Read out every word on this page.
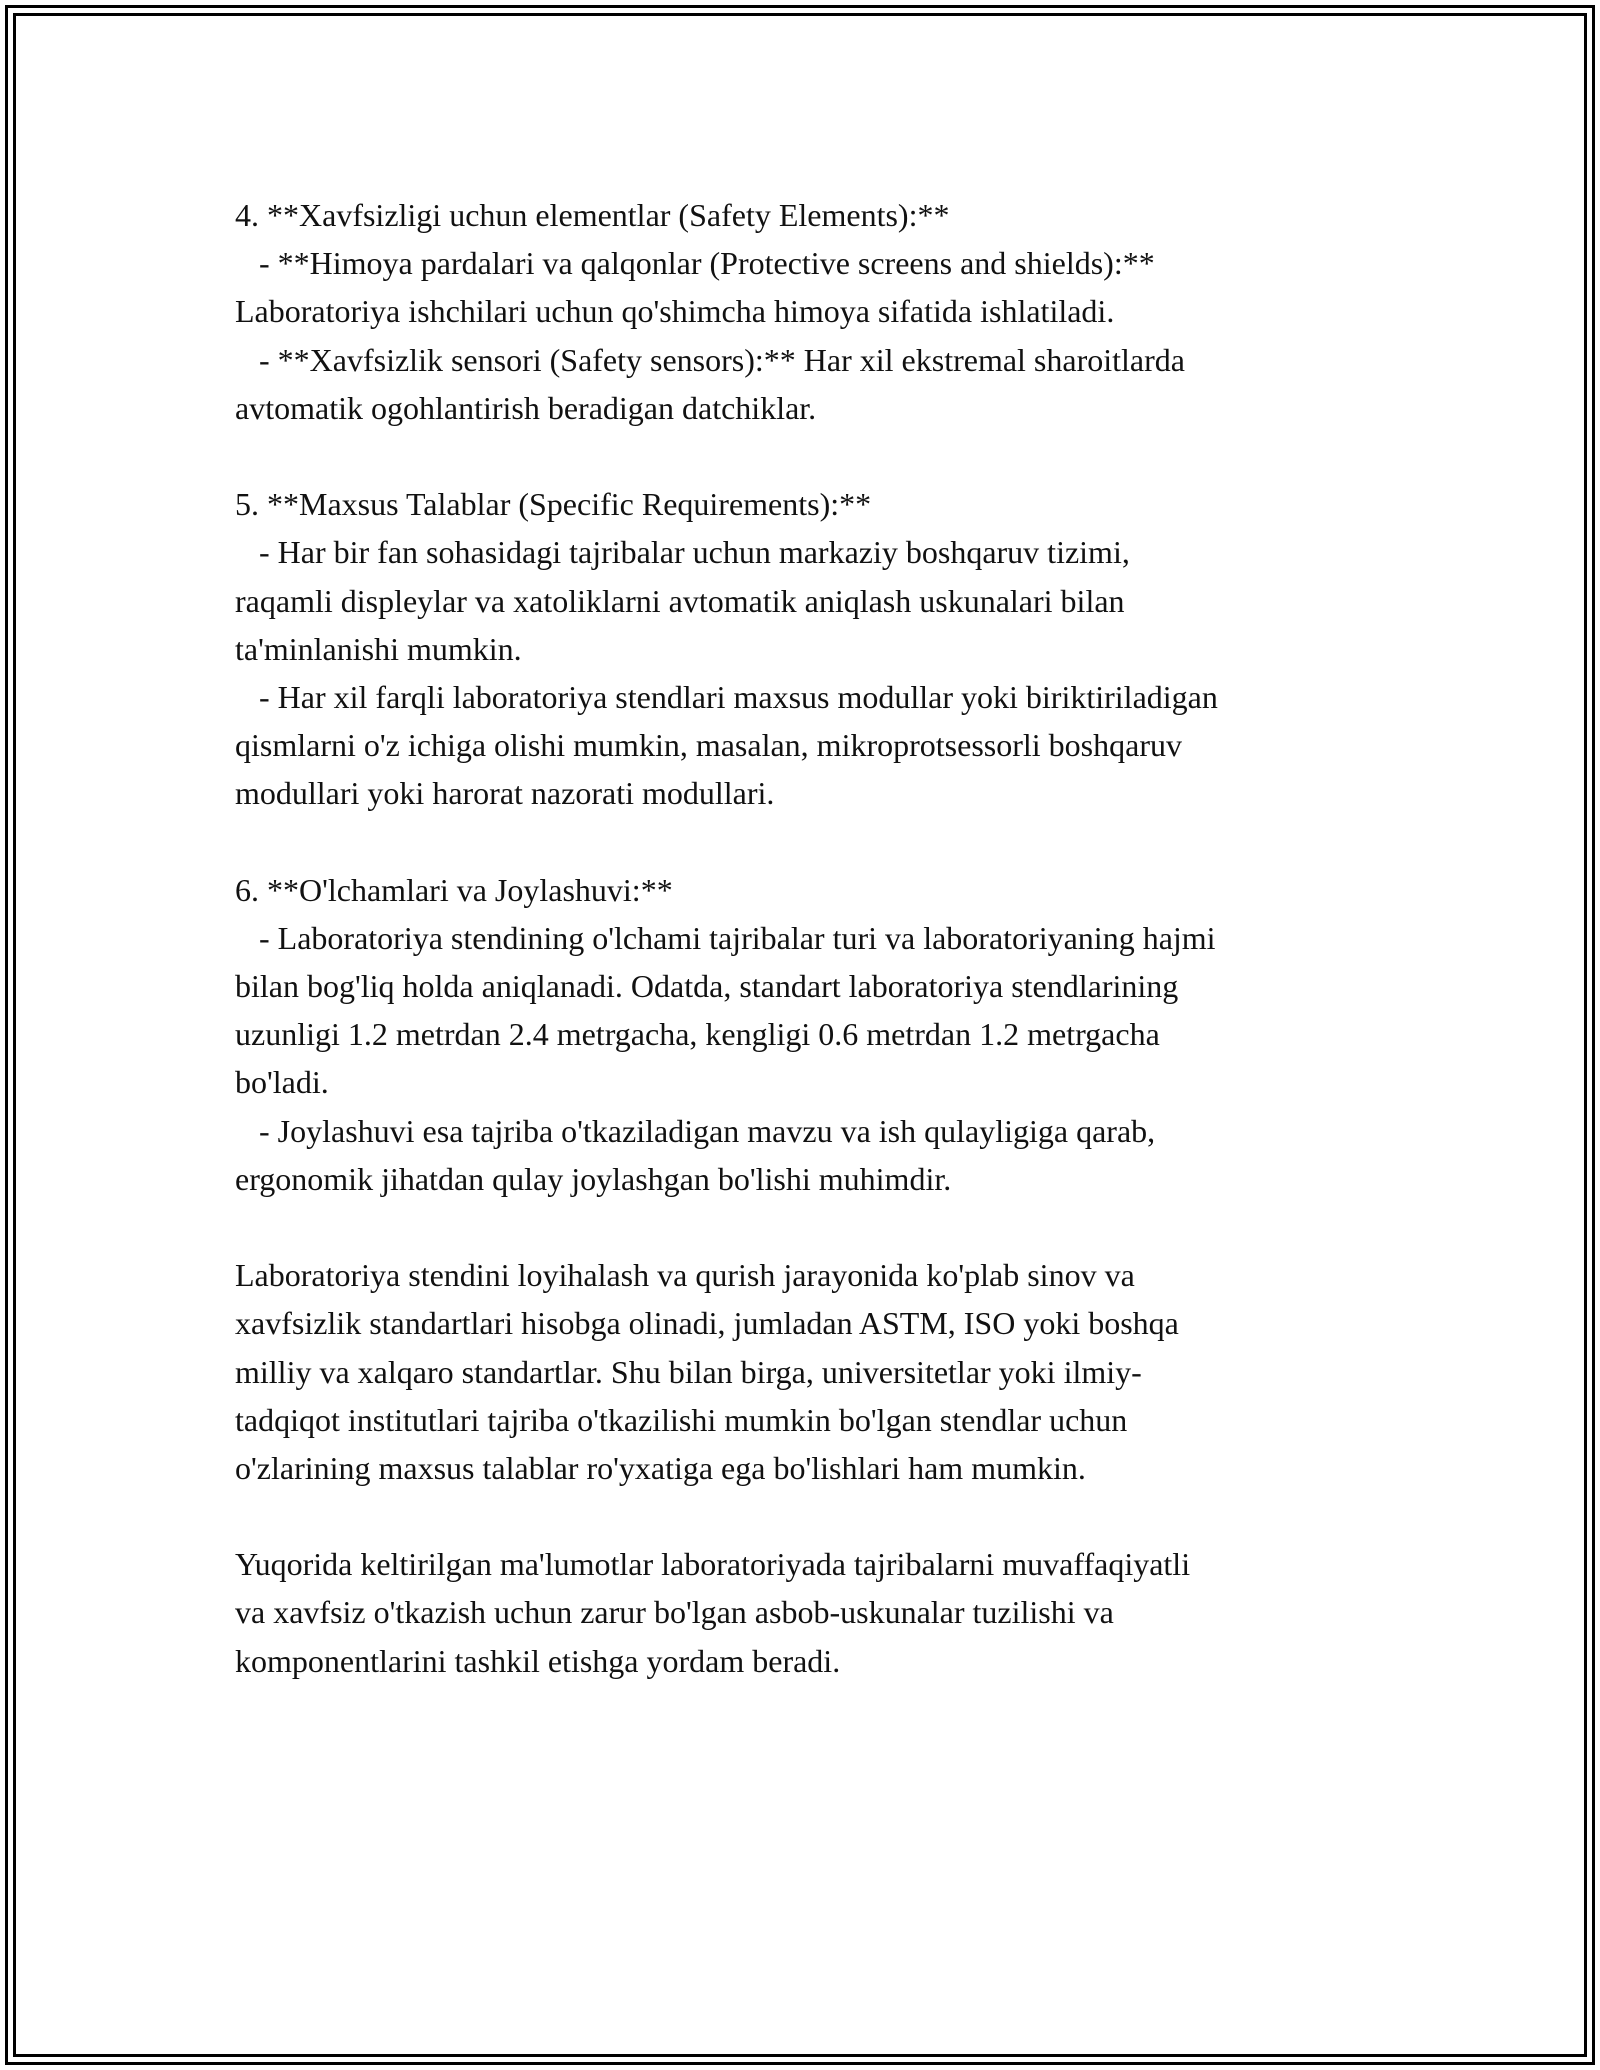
4. **Xavfsizligi uchun elementlar (Safety Elements):**
- **Himoya pardalari va qalqonlar (Protective screens and shields):**
Laboratoriya ishchilari uchun qo'shimcha himoya sifatida ishlatiladi.
- **Xavfsizlik sensori (Safety sensors):** Har xil ekstremal sharoitlarda
avtomatik ogohlantirish beradigan datchiklar.
5. **Maxsus Talablar (Specific Requirements):**
- Har bir fan sohasidagi tajribalar uchun markaziy boshqaruv tizimi,
raqamli displeylar va xatoliklarni avtomatik aniqlash uskunalari bilan
ta'minlanishi mumkin.
- Har xil farqli laboratoriya stendlari maxsus modullar yoki biriktiriladigan
qismlarni o'z ichiga olishi mumkin, masalan, mikroprotsessorli boshqaruv
modullari yoki harorat nazorati modullari.
6. **O'lchamlari va Joylashuvi:**
- Laboratoriya stendining o'lchami tajribalar turi va laboratoriyaning hajmi
bilan bog'liq holda aniqlanadi. Odatda, standart laboratoriya stendlarining
uzunligi 1.2 metrdan 2.4 metrgacha, kengligi 0.6 metrdan 1.2 metrgacha
bo'ladi.
- Joylashuvi esa tajriba o'tkaziladigan mavzu va ish qulayligiga qarab,
ergonomik jihatdan qulay joylashgan bo'lishi muhimdir.
Laboratoriya stendini loyihalash va qurish jarayonida ko'plab sinov va
xavfsizlik standartlari hisobga olinadi, jumladan ASTM, ISO yoki boshqa
milliy va xalqaro standartlar. Shu bilan birga, universitetlar yoki ilmiy-
tadqiqot institutlari tajriba o'tkazilishi mumkin bo'lgan stendlar uchun
o'zlarining maxsus talablar ro'yxatiga ega bo'lishlari ham mumkin.
Yuqorida keltirilgan ma'lumotlar laboratoriyada tajribalarni muvaffaqiyatli
va xavfsiz o'tkazish uchun zarur bo'lgan asbob-uskunalar tuzilishi va
komponentlarini tashkil etishga yordam beradi.
